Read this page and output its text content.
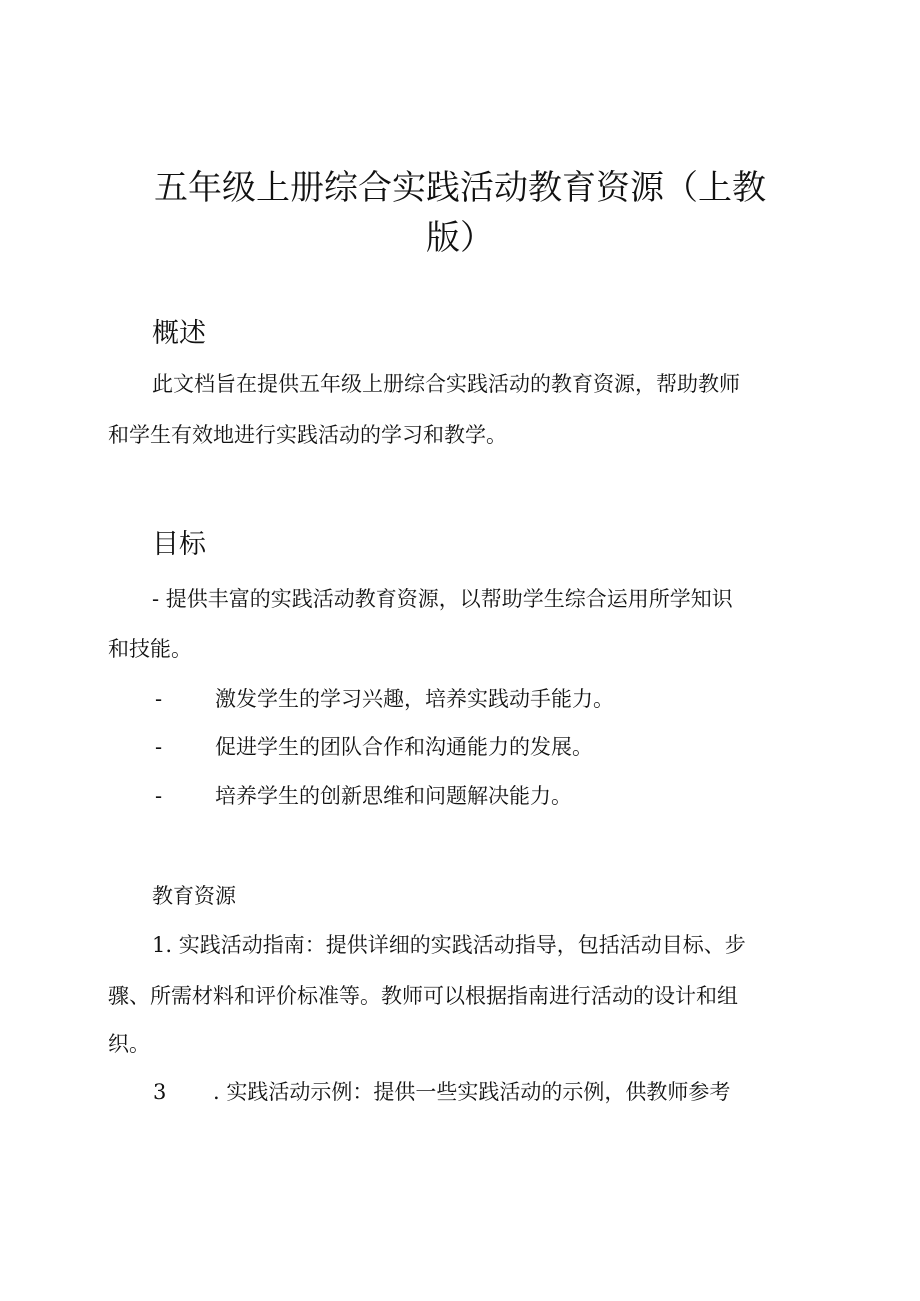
五年级上册综合实践活动教育资源（上教
版）
概述

此文档旨在提供五年级上册综合实践活动的教育资源，帮助教师

和学生有效地进行实践活动的学习和教学。

目标

- 提供丰富的实践活动教育资源，以帮助学生综合运用所学知识

和技能。

-	激发学生的学习兴趣，培养实践动手能力。

-	促进学生的团队合作和沟通能力的发展。

-	培养学生的创新思维和问题解决能力。

教育资源

1. 实践活动指南：提供详细的实践活动指导，包括活动目标、步

骤、所需材料和评价标准等。教师可以根据指南进行活动的设计和组

织。

3 . 实践活动示例：提供一些实践活动的示例，供教师参考
